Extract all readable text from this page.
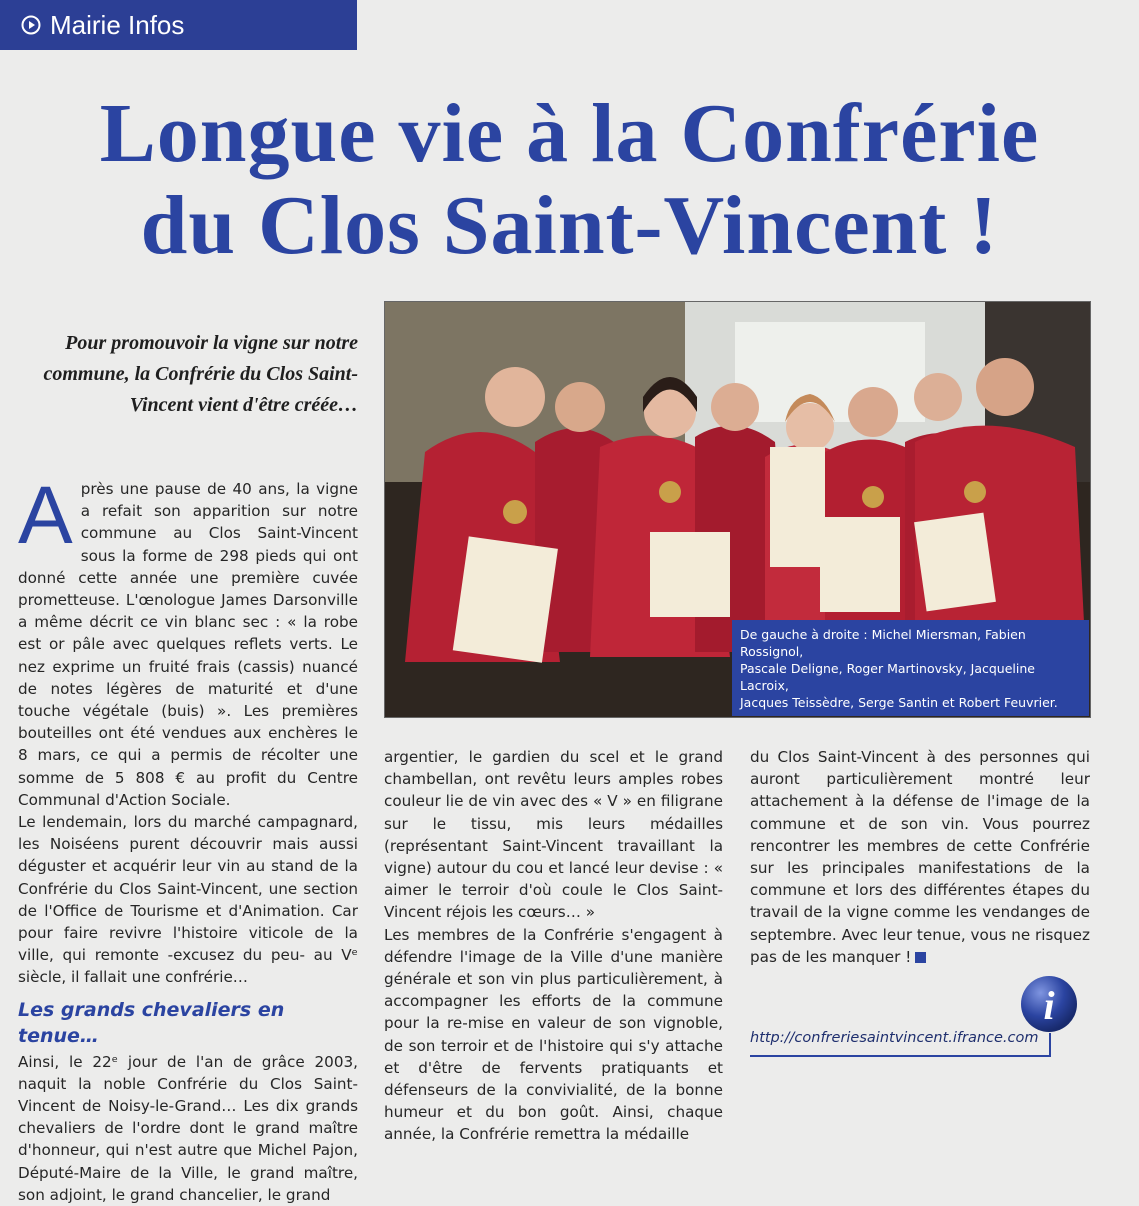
Mairie Infos
Longue vie à la Confrérie
du Clos Saint-Vincent !
Pour promouvoir la vigne sur notre commune, la Confrérie du Clos Saint-Vincent vient d'être créée…

De gauche à droite : Michel Miersman, Fabien Rossignol,

Pascale Deligne, Roger Martinovsky, Jacqueline Lacroix,

Jacques Teissèdre, Serge Santin et Robert Feuvrier.

A près une pause de 40 ans, la vigne a refait son apparition sur notre commune au Clos Saint-Vincent sous la forme de 298 pieds qui ont donné cette année une première cuvée prometteuse. L'œnologue James Darsonville a même décrit ce vin blanc sec : « la robe est or pâle avec quelques reflets verts. Le nez exprime un fruité frais (cassis) nuancé de notes légères de maturité et d'une touche végétale (buis) ». Les premières bouteilles ont été vendues aux enchères le 8 mars, ce qui a permis de récolter une somme de 5 808 € au profit du Centre Communal d'Action Sociale.

Le lendemain, lors du marché campagnard, les Noiséens purent découvrir mais aussi déguster et acquérir leur vin au stand de la Confrérie du Clos Saint-Vincent, une section de l'Office de Tourisme et d'Animation. Car pour faire revivre l'histoire viticole de la ville, qui remonte -excusez du peu- au Vᵉ siècle, il fallait une confrérie…

Les grands chevaliers en tenue…

Ainsi, le 22ᵉ jour de l'an de grâce 2003, naquit la noble Confrérie du Clos Saint-Vincent de Noisy-le-Grand… Les dix grands chevaliers de l'ordre dont le grand maître d'honneur, qui n'est autre que Michel Pajon, Député-Maire de la Ville, le grand maître, son adjoint, le grand chancelier, le grand

argentier, le gardien du scel et le grand chambellan, ont revêtu leurs amples robes couleur lie de vin avec des « V » en filigrane sur le tissu, mis leurs médailles (représentant Saint-Vincent travaillant la vigne) autour du cou et lancé leur devise : « aimer le terroir d'où coule le Clos Saint-Vincent réjois les cœurs… »

Les membres de la Confrérie s'engagent à défendre l'image de la Ville d'une manière générale et son vin plus particulièrement, à accompagner les efforts de la commune pour la re-mise en valeur de son vignoble, de son terroir et de l'histoire qui s'y attache et d'être de fervents pratiquants et défenseurs de la convivialité, de la bonne humeur et du bon goût. Ainsi, chaque année, la Confrérie remettra la médaille

du Clos Saint-Vincent à des personnes qui auront particulièrement montré leur attachement à la défense de l'image de la commune et de son vin. Vous pourrez rencontrer les membres de cette Confrérie sur les principales manifestations de la commune et lors des différentes étapes du travail de la vigne comme les vendanges de septembre. Avec leur tenue, vous ne risquez pas de les manquer !

i
http://confrerie​saintvincent.ifrance.com
